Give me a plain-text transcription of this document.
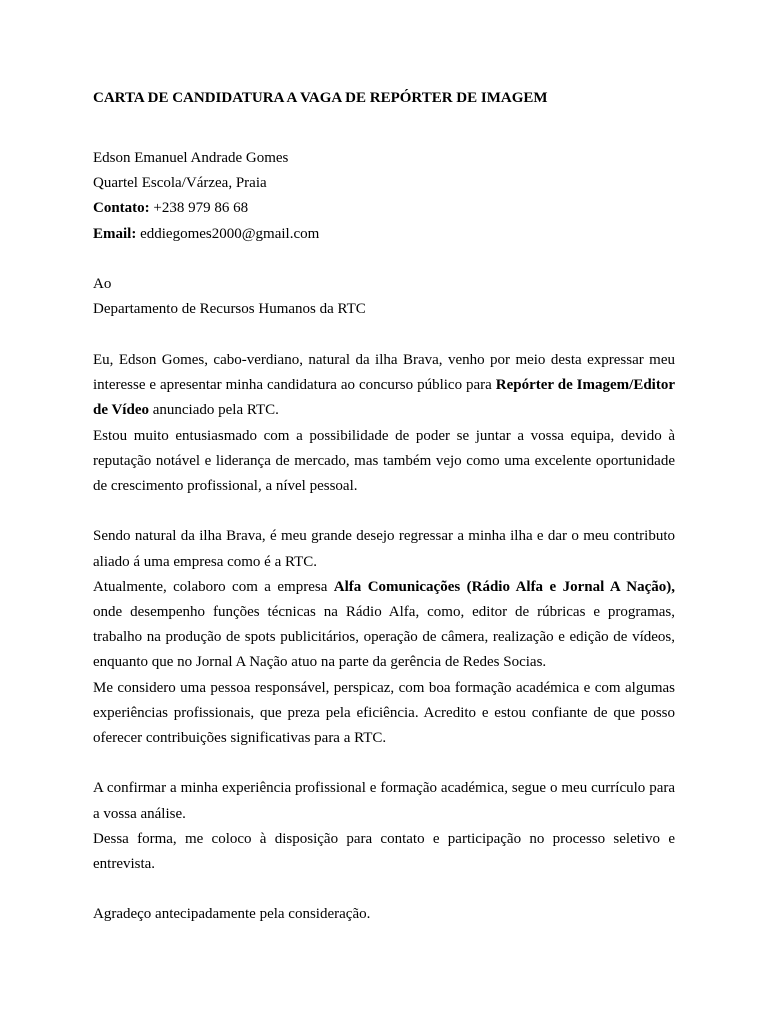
CARTA DE CANDIDATURA A VAGA DE REPÓRTER DE IMAGEM

Edson Emanuel Andrade Gomes

Quartel Escola/Várzea, Praia

Contato: +238 979 86 68

Email: eddiegomes2000@gmail.com

Ao

Departamento de Recursos Humanos da RTC

Eu, Edson Gomes, cabo-verdiano, natural da ilha Brava, venho por meio desta expressar meu interesse e apresentar minha candidatura ao concurso público para Repórter de Imagem/Editor de Vídeo anunciado pela RTC.

Estou muito entusiasmado com a possibilidade de poder se juntar a vossa equipa, devido à reputação notável e liderança de mercado, mas também vejo como uma excelente oportunidade de crescimento profissional, a nível pessoal.

Sendo natural da ilha Brava, é meu grande desejo regressar a minha ilha e dar o meu contributo aliado á uma empresa como é a RTC.

Atualmente, colaboro com a empresa Alfa Comunicações (Rádio Alfa e Jornal A Nação), onde desempenho funções técnicas na Rádio Alfa, como, editor de rúbricas e programas, trabalho na produção de spots publicitários, operação de câmera, realização e edição de vídeos, enquanto que no Jornal A Nação atuo na parte da gerência de Redes Socias.

Me considero uma pessoa responsável, perspicaz, com boa formação académica e com algumas experiências profissionais, que preza pela eficiência. Acredito e estou confiante de que posso oferecer contribuições significativas para a RTC.

A confirmar a minha experiência profissional e formação académica, segue o meu currículo para a vossa análise.

Dessa forma, me coloco à disposição para contato e participação no processo seletivo e entrevista.

Agradeço antecipadamente pela consideração.
